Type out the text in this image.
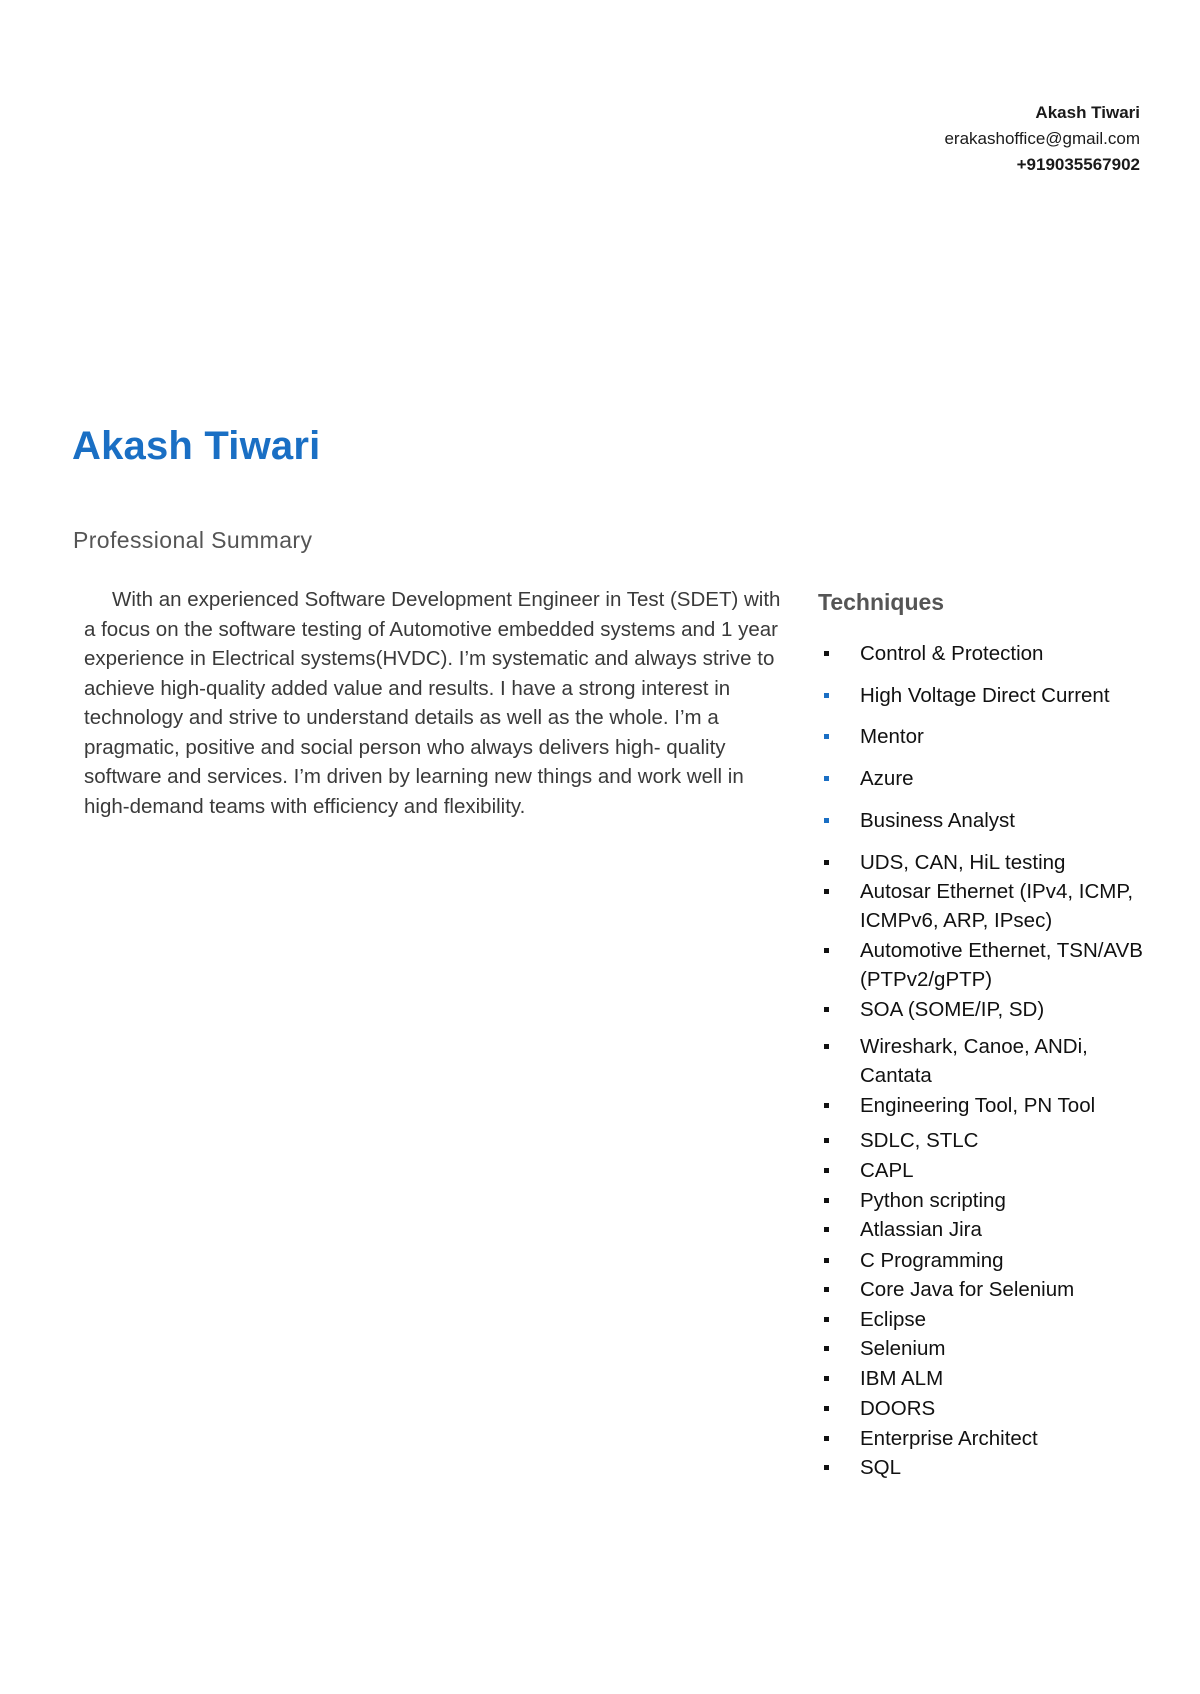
Akash Tiwari
erakashoffice@gmail.com
+919035567902
Akash Tiwari
Professional Summary
With an experienced Software Development Engineer in Test (SDET) with a focus on the software testing of Automotive embedded systems and 1 year experience in Electrical systems(HVDC). I’m systematic and always strive to achieve high-quality added value and results. I have a strong interest in technology and strive to understand details as well as the whole. I’m a pragmatic, positive and social person who always delivers high- quality software and services. I’m driven by learning new things and work well in high-demand teams with efficiency and flexibility.
Techniques
Control & Protection
High Voltage Direct Current
Mentor
Azure
Business Analyst
UDS, CAN, HiL testing
Autosar Ethernet (IPv4, ICMP, ICMPv6, ARP, IPsec)
Automotive Ethernet, TSN/AVB (PTPv2/gPTP)
SOA (SOME/IP, SD)
Wireshark, Canoe, ANDi, Cantata
Engineering Tool, PN Tool
SDLC, STLC
CAPL
Python scripting
Atlassian Jira
C Programming
Core Java for Selenium
Eclipse
Selenium
IBM ALM
DOORS
Enterprise Architect
SQL
